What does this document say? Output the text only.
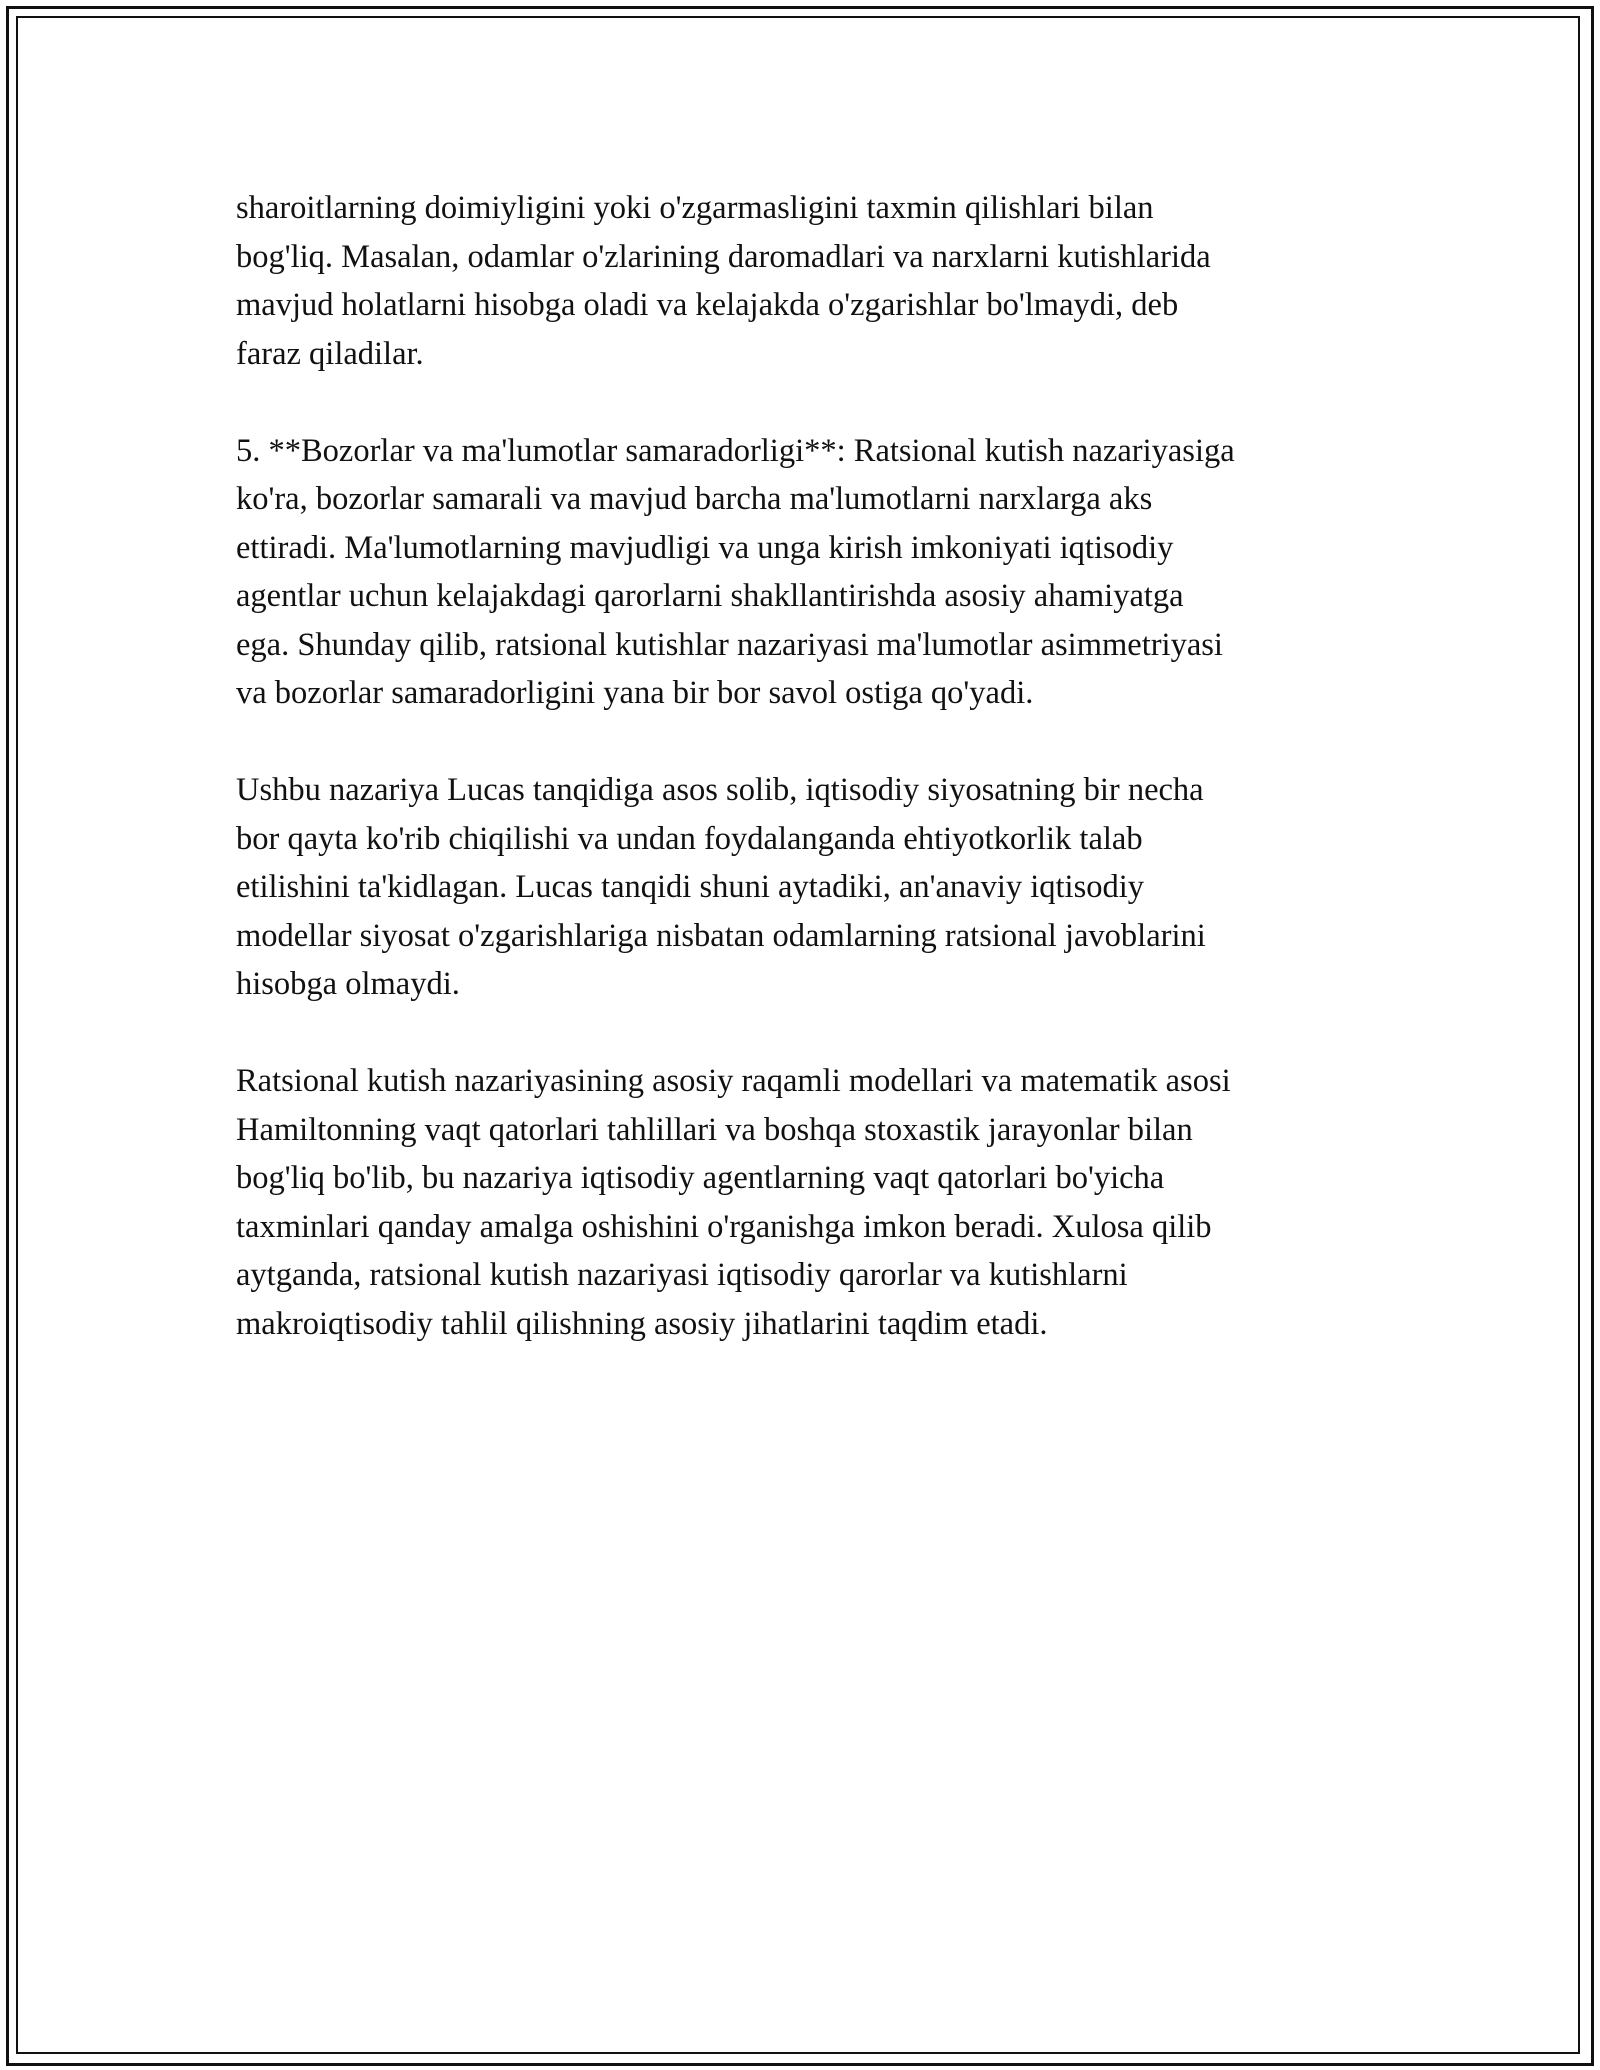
sharoitlarning doimiyligini yoki o'zgarmasligini taxmin qilishlari bilan
bog'liq. Masalan, odamlar o'zlarining daromadlari va narxlarni kutishlarida
mavjud holatlarni hisobga oladi va kelajakda o'zgarishlar bo'lmaydi, deb
faraz qiladilar.

5. **Bozorlar va ma'lumotlar samaradorligi**: Ratsional kutish nazariyasiga
ko'ra, bozorlar samarali va mavjud barcha ma'lumotlarni narxlarga aks
ettiradi. Ma'lumotlarning mavjudligi va unga kirish imkoniyati iqtisodiy
agentlar uchun kelajakdagi qarorlarni shakllantirishda asosiy ahamiyatga
ega. Shunday qilib, ratsional kutishlar nazariyasi ma'lumotlar asimmetriyasi
va bozorlar samaradorligini yana bir bor savol ostiga qo'yadi.

Ushbu nazariya Lucas tanqidiga asos solib, iqtisodiy siyosatning bir necha
bor qayta ko'rib chiqilishi va undan foydalanganda ehtiyotkorlik talab
etilishini ta'kidlagan. Lucas tanqidi shuni aytadiki, an'anaviy iqtisodiy
modellar siyosat o'zgarishlariga nisbatan odamlarning ratsional javoblarini
hisobga olmaydi.

Ratsional kutish nazariyasining asosiy raqamli modellari va matematik asosi
Hamiltonning vaqt qatorlari tahlillari va boshqa stoxastik jarayonlar bilan
bog'liq bo'lib, bu nazariya iqtisodiy agentlarning vaqt qatorlari bo'yicha
taxminlari qanday amalga oshishini o'rganishga imkon beradi. Xulosa qilib
aytganda, ratsional kutish nazariyasi iqtisodiy qarorlar va kutishlarni
makroiqtisodiy tahlil qilishning asosiy jihatlarini taqdim etadi.
